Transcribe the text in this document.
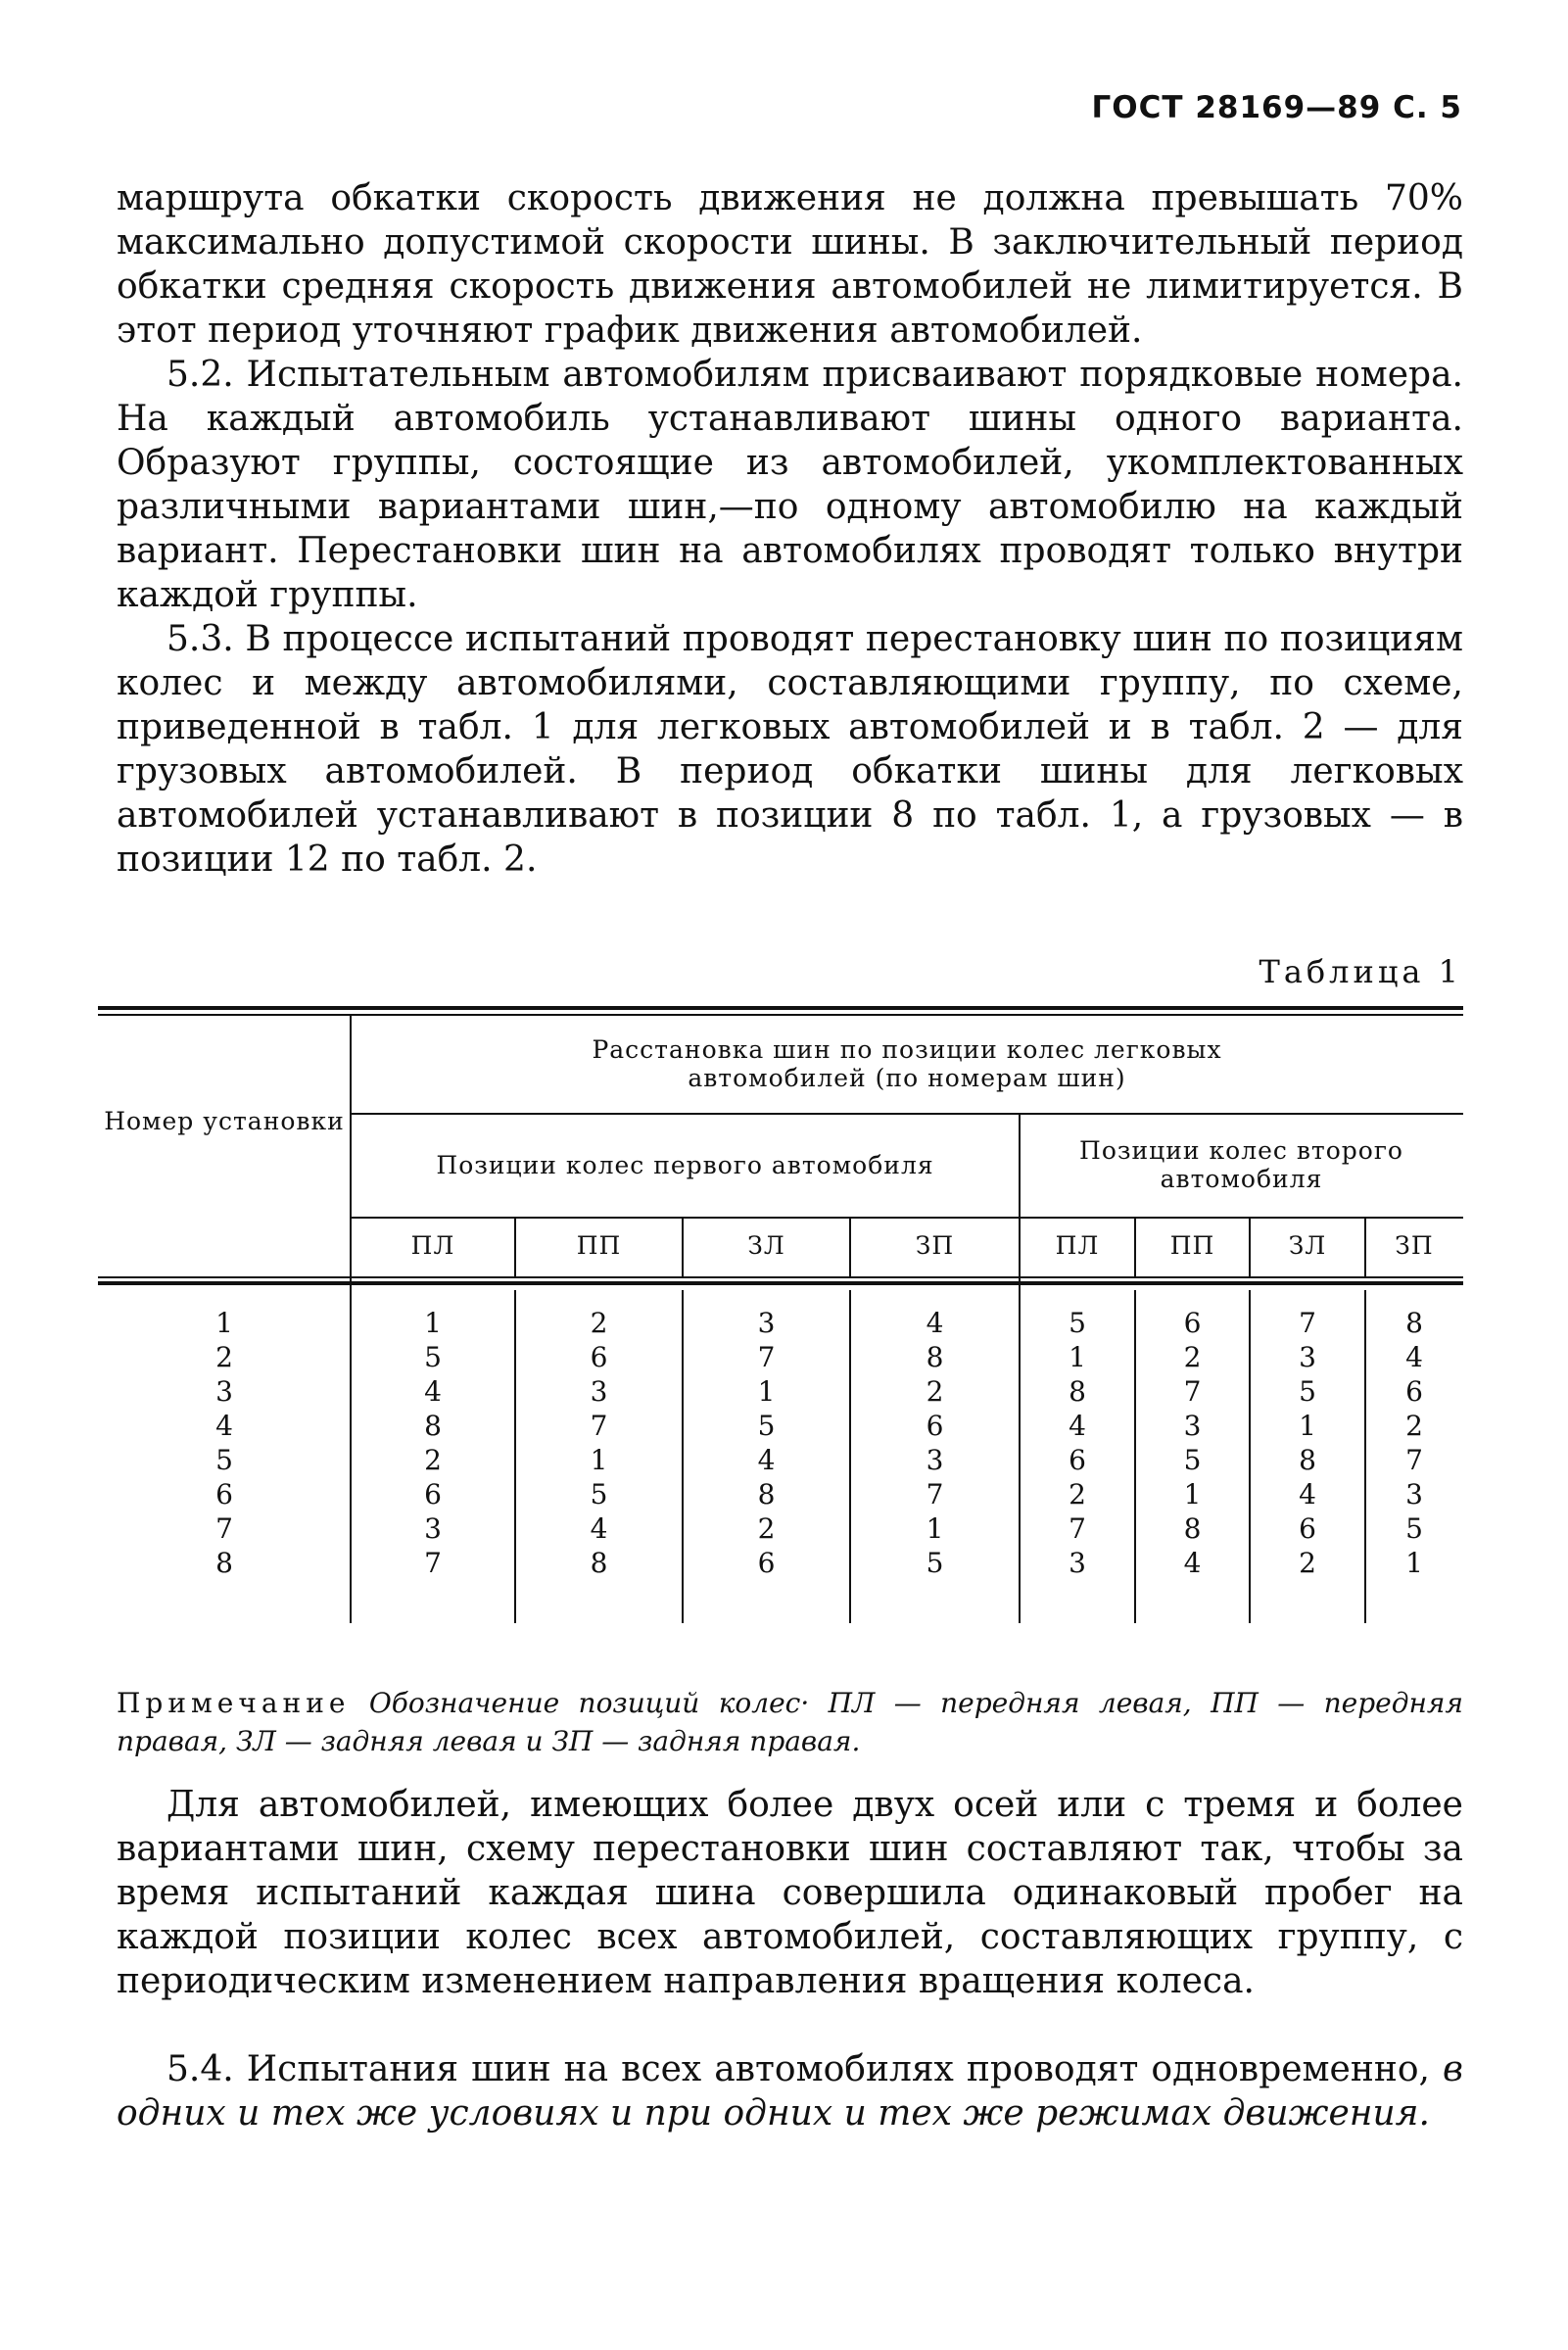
ГОСТ 28169—89 С. 5
маршрута обкатки скорость движения не должна превышать 70% максимально допустимой скорости шины. В заключительный период обкатки средняя скорость движения автомобилей не лимитируется. В этот период уточняют график движения автомобилей.
5.2. Испытательным автомобилям присваивают порядковые номера. На каждый автомобиль устанавливают шины одного варианта. Образуют группы, состоящие из автомобилей, укомплектованных различными вариантами шин,—по одному автомобилю на каждый вариант. Перестановки шин на автомобилях проводят только внутри каждой группы.
5.3. В процессе испытаний проводят перестановку шин по позициям колес и между автомобилями, составляющими группу, по схеме, приведенной в табл. 1 для легковых автомобилей и в табл. 2 — для грузовых автомобилей. В период обкатки шины для легковых автомобилей устанавливают в позиции 8 по табл. 1, а грузовых — в позиции 12 по табл. 2.
Таблица 1
Номер установки
Расстановка шин по позиции колес легковых автомобилей (по номерам шин)
Позиции колес первого автомобиля
Позиции колес второго автомобиля
ПЛ	ПП	ЗЛ	ЗП	ПЛ	ПП	ЗЛ	ЗП
1	1	2	3	4	5	6	7	8
2	5	6	7	8	1	2	3	4
3	4	3	1	2	8	7	5	6
4	8	7	5	6	4	3	1	2
5	2	1	4	3	6	5	8	7
6	6	5	8	7	2	1	4	3
7	3	4	2	1	7	8	6	5
8	7	8	6	5	3	4	2	1
Примечание Обозначение позиций колес· ПЛ — передняя левая, ПП — передняя правая, ЗЛ — задняя левая и ЗП — задняя правая.
Для автомобилей, имеющих более двух осей или с тремя и более вариантами шин, схему перестановки шин составляют так, чтобы за время испытаний каждая шина совершила одинаковый пробег на каждой позиции колес всех автомобилей, составляющих группу, с периодическим изменением направления вращения колеса.
5.4. Испытания шин на всех автомобилях проводят одновременно, в одних и тех же условиях и при одних и тех же режимах движения.
